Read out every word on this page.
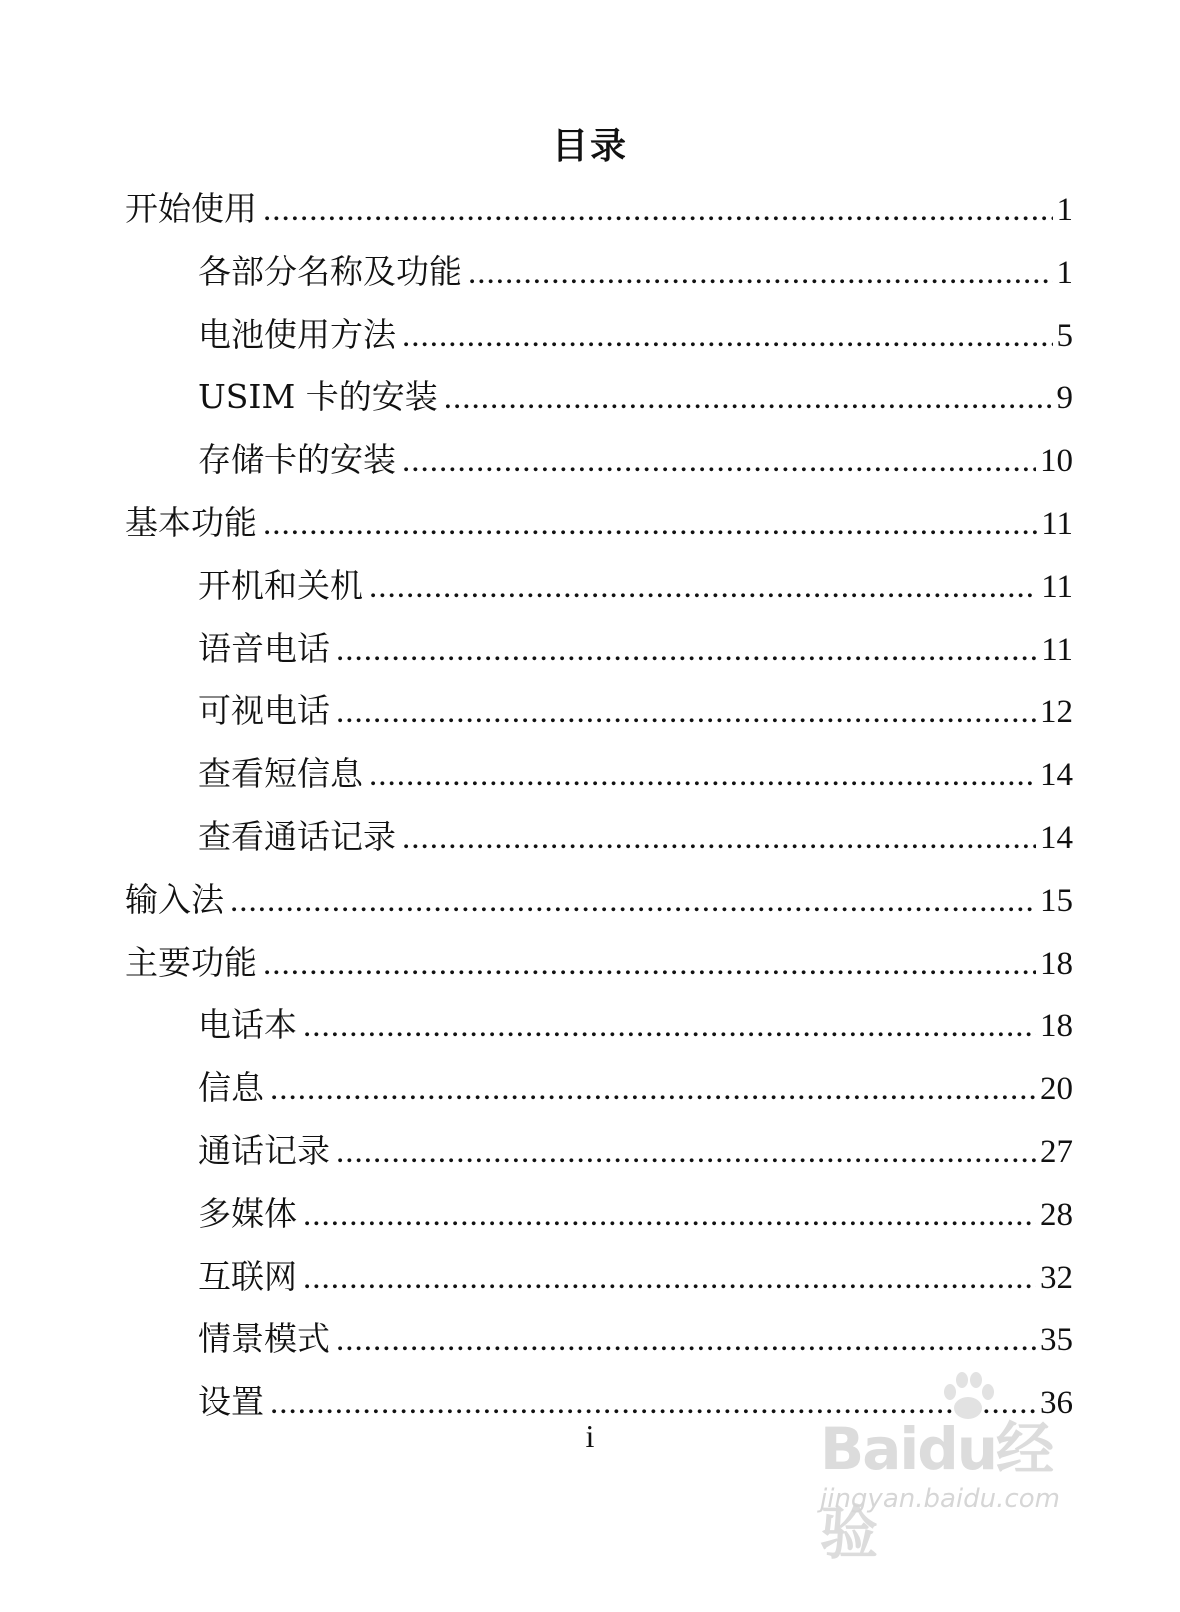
目录
开始使用 .....	1
各部分名称及功能 .....	1
电池使用方法 .....	5
USIM 卡的安装 .....	9
存储卡的安装 .....	10
基本功能 .....	11
开机和关机 .....	11
语音电话 .....	11
可视电话 .....	12
查看短信息 .....	14
查看通话记录 .....	14
输入法 .....	15
主要功能 .....	18
电话本 .....	18
信息 .....	20
通话记录 .....	27
多媒体 .....	28
互联网 .....	32
情景模式 .....	35
设置 .....	36
i	Baidu经验
jingyan.baidu.com
